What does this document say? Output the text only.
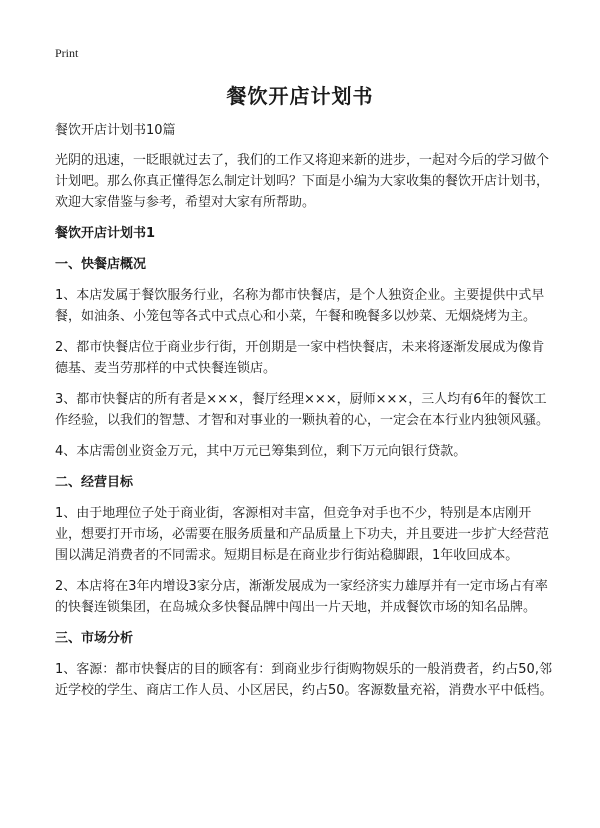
Print
餐饮开店计划书

餐饮开店计划书10篇

光阴的迅速，一眨眼就过去了，我们的工作又将迎来新的进步，一起对今后的学习做个计划吧。那么你真正懂得怎么制定计划吗？下面是小编为大家收集的餐饮开店计划书，欢迎大家借鉴与参考，希望对大家有所帮助。

餐饮开店计划书1

一、快餐店概况

1、本店发属于餐饮服务行业，名称为都市快餐店，是个人独资企业。主要提供中式早餐，如油条、小笼包等各式中式点心和小菜，午餐和晚餐多以炒菜、无烟烧烤为主。

2、都市快餐店位于商业步行街，开创期是一家中档快餐店，未来将逐渐发展成为像肯德基、麦当劳那样的中式快餐连锁店。

3、都市快餐店的所有者是×××，餐厅经理×××，厨师×××，三人均有6年的餐饮工作经验，以我们的智慧、才智和对事业的一颗执着的心，一定会在本行业内独领风骚。

4、本店需创业资金万元，其中万元已筹集到位，剩下万元向银行贷款。

二、经营目标

1、由于地理位子处于商业街，客源相对丰富，但竞争对手也不少，特别是本店刚开业，想要打开市场，必需要在服务质量和产品质量上下功夫，并且要进一步扩大经营范围以满足消费者的不同需求。短期目标是在商业步行街站稳脚跟，1年收回成本。

2、本店将在3年内增设3家分店，渐渐发展成为一家经济实力雄厚并有一定市场占有率的快餐连锁集团，在岛城众多快餐品牌中闯出一片天地，并成餐饮市场的知名品牌。

三、市场分析

1、客源：都市快餐店的目的顾客有：到商业步行街购物娱乐的一般消费者，约占50,邻近学校的学生、商店工作人员、小区居民，约占50。客源数量充裕，消费水平中低档。
